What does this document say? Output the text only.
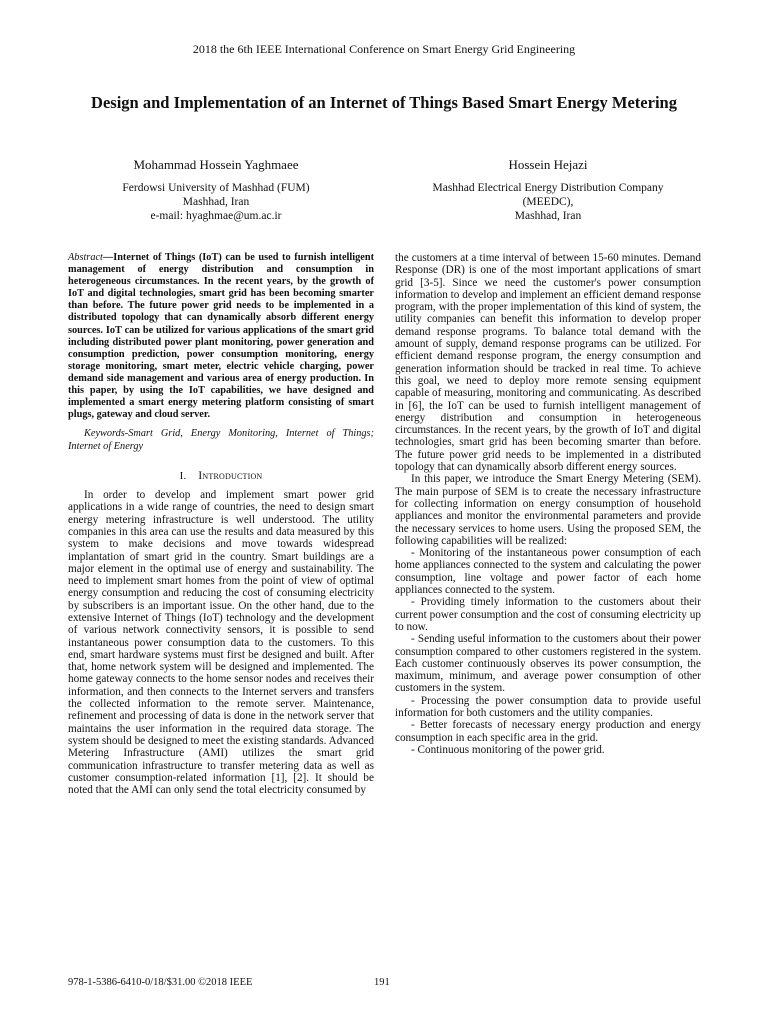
2018 the 6th IEEE International Conference on Smart Energy Grid Engineering
Design and Implementation of an Internet of Things Based Smart Energy Metering
Mohammad Hossein Yaghmaee
Ferdowsi University of Mashhad (FUM)
Mashhad, Iran
e-mail: hyaghmae@um.ac.ir
Hossein Hejazi
Mashhad Electrical Energy Distribution Company
(MEEDC),
Mashhad, Iran

Abstract—Internet of Things (IoT) can be used to furnish intelligent management of energy distribution and consumption in heterogeneous circumstances. In the recent years, by the growth of IoT and digital technologies, smart grid has been becoming smarter than before. The future power grid needs to be implemented in a distributed topology that can dynamically absorb different energy sources. IoT can be utilized for various applications of the smart grid including distributed power plant monitoring, power generation and consumption prediction, power consumption monitoring, energy storage monitoring, smart meter, electric vehicle charging, power demand side management and various area of energy production. In this paper, by using the IoT capabilities, we have designed and implemented a smart energy metering platform consisting of smart plugs, gateway and cloud server.

Keywords-Smart Grid, Energy Monitoring, Internet of Things; Internet of Energy

I. Introduction

In order to develop and implement smart power grid applications in a wide range of countries, the need to design smart energy metering infrastructure is well understood. The utility companies in this area can use the results and data measured by this system to make decisions and move towards widespread implantation of smart grid in the country. Smart buildings are a major element in the optimal use of energy and sustainability. The need to implement smart homes from the point of view of optimal energy consumption and reducing the cost of consuming electricity by subscribers is an important issue. On the other hand, due to the extensive Internet of Things (IoT) technology and the development of various network connectivity sensors, it is possible to send instantaneous power consumption data to the customers. To this end, smart hardware systems must first be designed and built. After that, home network system will be designed and implemented. The home gateway connects to the home sensor nodes and receives their information, and then connects to the Internet servers and transfers the collected information to the remote server. Maintenance, refinement and processing of data is done in the network server that maintains the user information in the required data storage. The system should be designed to meet the existing standards. Advanced Metering Infrastructure (AMI) utilizes the smart grid communication infrastructure to transfer metering data as well as customer consumption-related information [1], [2]. It should be noted that the AMI can only send the total electricity consumed by

the customers at a time interval of between 15-60 minutes. Demand Response (DR) is one of the most important applications of smart grid [3-5]. Since we need the customer's power consumption information to develop and implement an efficient demand response program, with the proper implementation of this kind of system, the utility companies can benefit this information to develop proper demand response programs. To balance total demand with the amount of supply, demand response programs can be utilized. For efficient demand response program, the energy consumption and generation information should be tracked in real time. To achieve this goal, we need to deploy more remote sensing equipment capable of measuring, monitoring and communicating. As described in [6], the IoT can be used to furnish intelligent management of energy distribution and consumption in heterogeneous circumstances. In the recent years, by the growth of IoT and digital technologies, smart grid has been becoming smarter than before. The future power grid needs to be implemented in a distributed topology that can dynamically absorb different energy sources.

In this paper, we introduce the Smart Energy Metering (SEM). The main purpose of SEM is to create the necessary infrastructure for collecting information on energy consumption of household appliances and monitor the environmental parameters and provide the necessary services to home users. Using the proposed SEM, the following capabilities will be realized:

- Monitoring of the instantaneous power consumption of each home appliances connected to the system and calculating the power consumption, line voltage and power factor of each home appliances connected to the system.

- Providing timely information to the customers about their current power consumption and the cost of consuming electricity up to now.

- Sending useful information to the customers about their power consumption compared to other customers registered in the system. Each customer continuously observes its power consumption, the maximum, minimum, and average power consumption of other customers in the system.

- Processing the power consumption data to provide useful information for both customers and the utility companies.

- Better forecasts of necessary energy production and energy consumption in each specific area in the grid.

- Continuous monitoring of the power grid.

978-1-5386-6410-0/18/$31.00 ©2018 IEEE	191
